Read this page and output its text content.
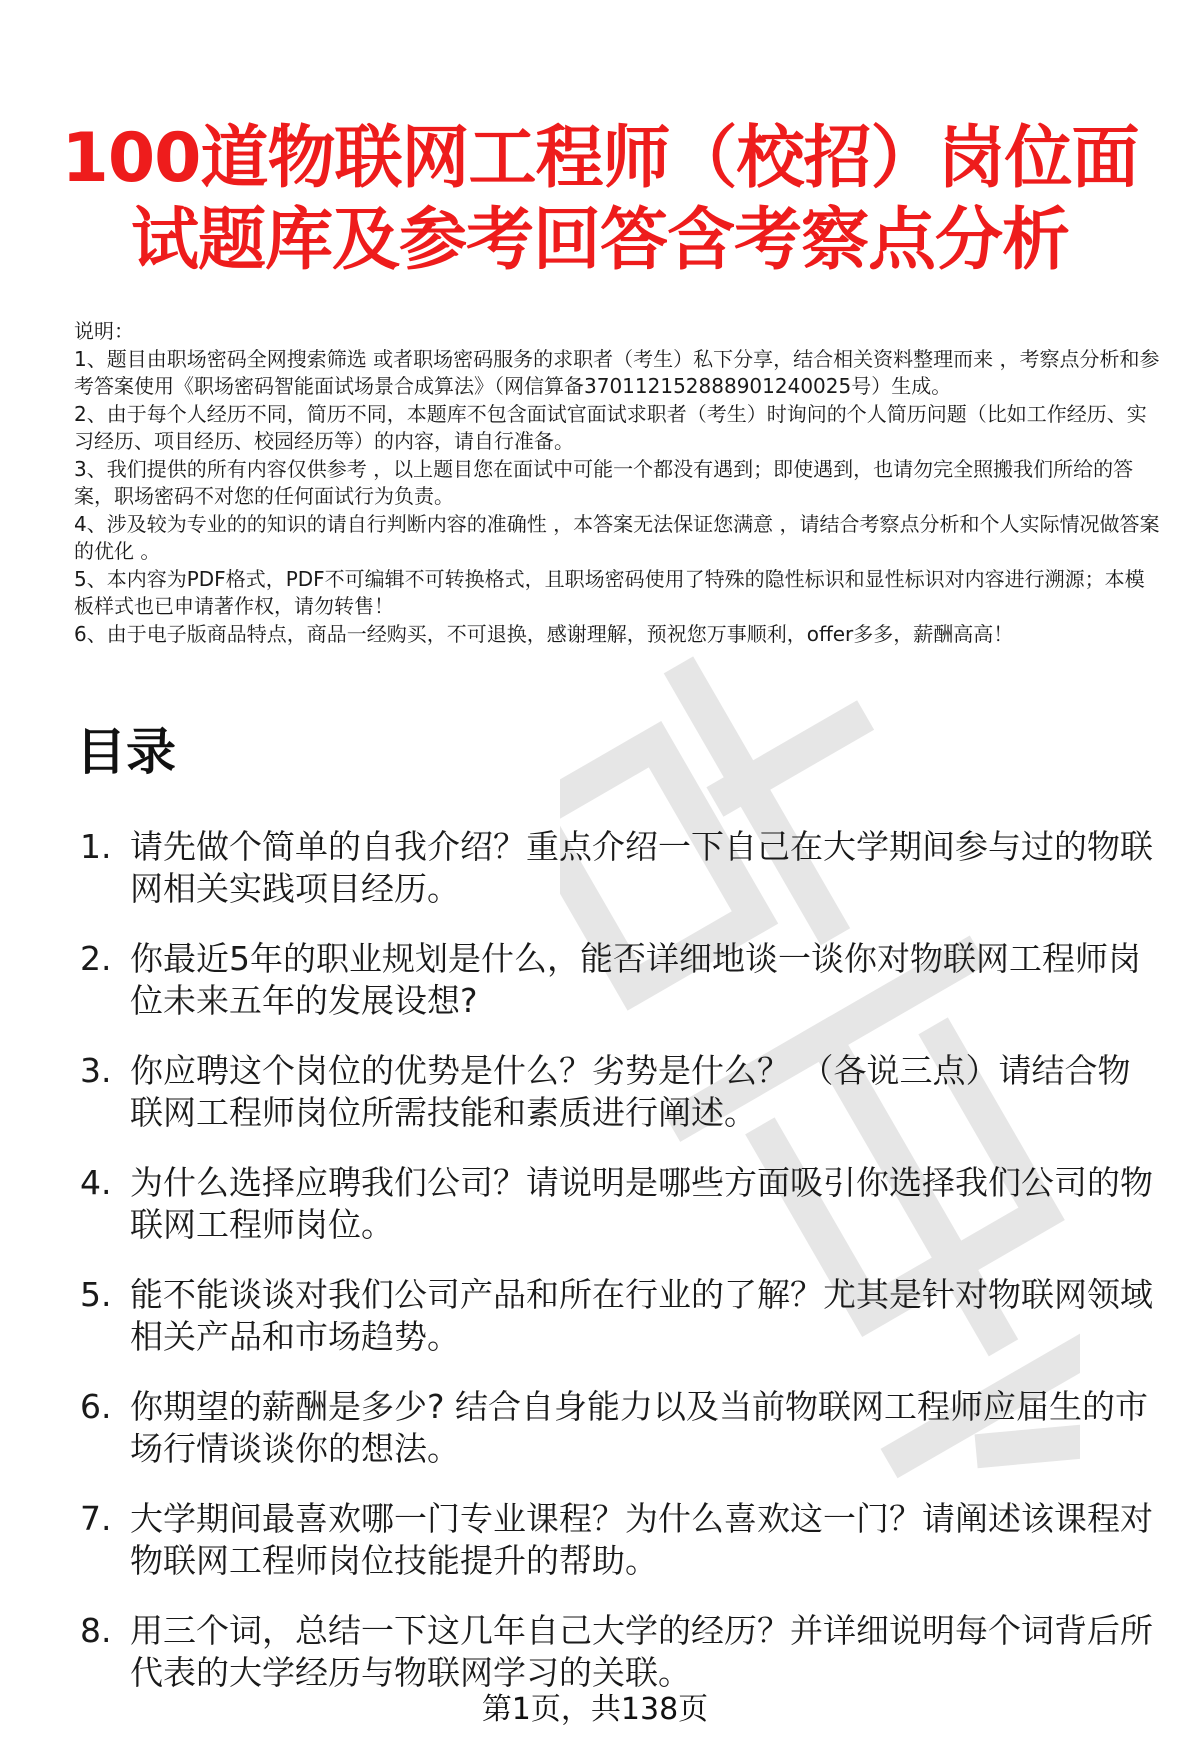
100道物联网工程师（校招）岗位面试题库及参考回答含考察点分析

说明：

1、题目由职场密码全网搜索筛选 或者职场密码服务的求职者（考生）私下分享，结合相关资料整理而来 ，考察点分析和参考答案使用《职场密码智能面试场景合成算法》（网信算备370112152888901240025号）生成。

2、由于每个人经历不同，简历不同，本题库不包含面试官面试求职者（考生）时询问的个人简历问题（比如工作经历、实习经历、项目经历、校园经历等）的内容，请自行准备。

3、我们提供的所有内容仅供参考 ，以上题目您在面试中可能一个都没有遇到；即使遇到，也请勿完全照搬我们所给的答案，职场密码不对您的任何面试行为负责。

4、涉及较为专业的的知识的请自行判断内容的准确性 ，本答案无法保证您满意 ，请结合考察点分析和个人实际情况做答案的优化 。

5、本内容为PDF格式，PDF不可编辑不可转换格式，且职场密码使用了特殊的隐性标识和显性标识对内容进行溯源；本模板样式也已申请著作权，请勿转售！

6、由于电子版商品特点，商品一经购买，不可退换，感谢理解，预祝您万事顺利，offer多多，薪酬高高！

目录
1. 请先做个简单的自我介绍？重点介绍一下自己在大学期间参与过的物联网相关实践项目经历。
2. 你最近5年的职业规划是什么，能否详细地谈一谈你对物联网工程师岗位未来五年的发展设想?
3. 你应聘这个岗位的优势是什么？劣势是什么？ （各说三点）请结合物联网工程师岗位所需技能和素质进行阐述。
4. 为什么选择应聘我们公司？请说明是哪些方面吸引你选择我们公司的物联网工程师岗位。
5. 能不能谈谈对我们公司产品和所在行业的了解？尤其是针对物联网领域相关产品和市场趋势。
6. 你期望的薪酬是多少? 结合自身能力以及当前物联网工程师应届生的市场行情谈谈你的想法。
7. 大学期间最喜欢哪一门专业课程？为什么喜欢这一门？请阐述该课程对物联网工程师岗位技能提升的帮助。
8. 用三个词，总结一下这几年自己大学的经历？并详细说明每个词背后所代表的大学经历与物联网学习的关联。
第1页，共138页
